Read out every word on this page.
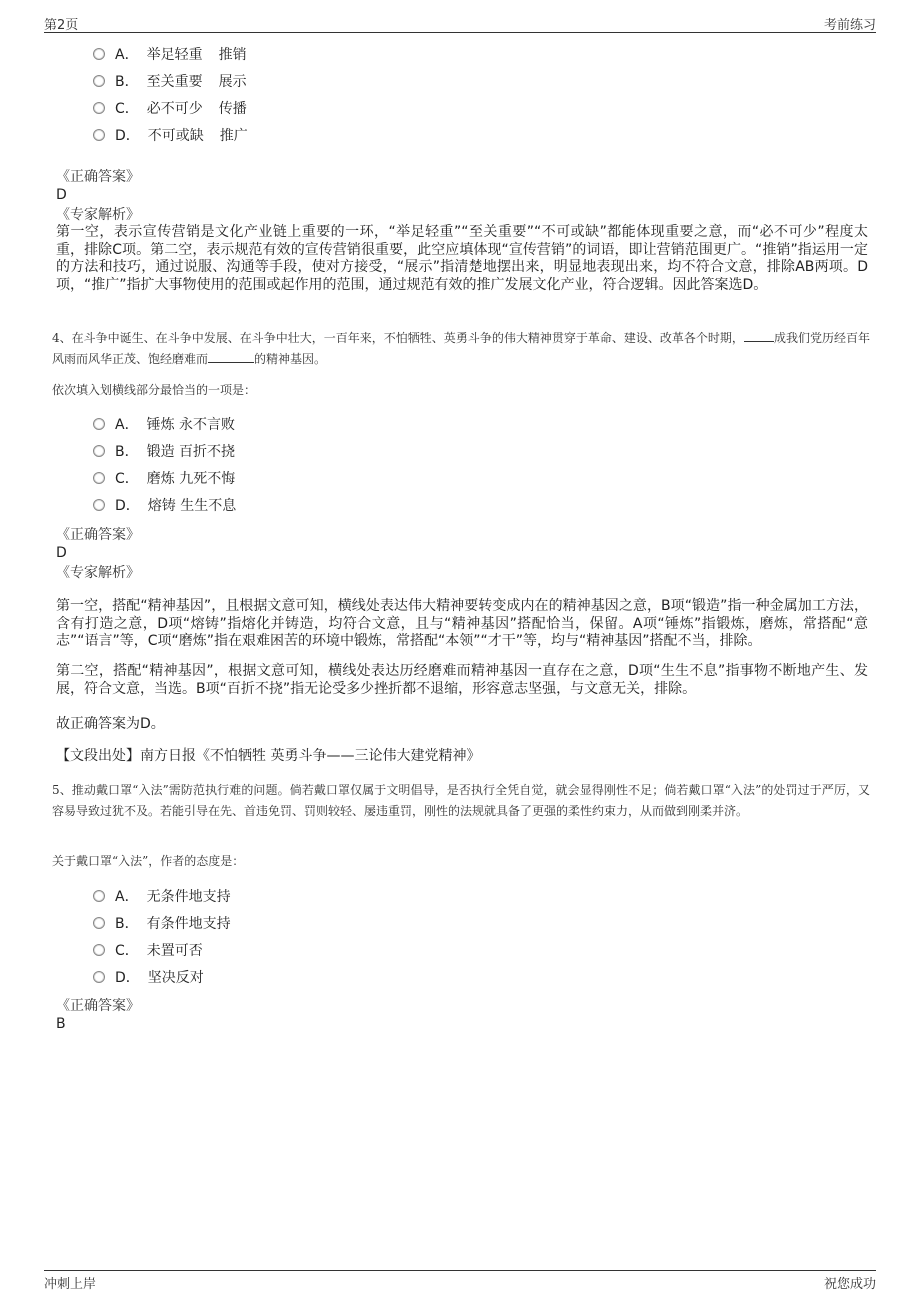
第2页	考前练习
A． 举足轻重 推销
B． 至关重要 展示
C． 必不可少 传播
D． 不可或缺 推广
《正确答案》
D
《专家解析》
第一空，表示宣传营销是文化产业链上重要的一环，“举足轻重”“至关重要”“不可或缺”都能体现重要之意，而“必不可少”程度太重，排除C项。第二空，表示规范有效的宣传营销很重要，此空应填体现“宣传营销”的词语，即让营销范围更广。“推销”指运用一定的方法和技巧，通过说服、沟通等手段，使对方接受，“展示”指清楚地摆出来，明显地表现出来，均不符合文意，排除AB两项。D项，“推广”指扩大事物使用的范围或起作用的范围，通过规范有效的推广发展文化产业，符合逻辑。因此答案选D。
4、在斗争中诞生、在斗争中发展、在斗争中壮大，一百年来，不怕牺牲、英勇斗争的伟大精神贯穿于革命、建设、改革各个时期，	成我们党历经百年风雨而风华正茂、饱经磨难而	的精神基因。
依次填入划横线部分最恰当的一项是：
A． 锤炼 永不言败
B． 锻造 百折不挠
C． 磨炼 九死不悔
D． 熔铸 生生不息
《正确答案》
D
《专家解析》
第一空，搭配“精神基因”，且根据文意可知，横线处表达伟大精神要转变成内在的精神基因之意，B项“锻造”指一种金属加工方法，含有打造之意，D项“熔铸”指熔化并铸造，均符合文意，且与“精神基因”搭配恰当，保留。A项“锤炼”指锻炼，磨炼，常搭配“意志”“语言”等，C项“磨炼”指在艰难困苦的环境中锻炼，常搭配“本领”“才干”等，均与“精神基因”搭配不当，排除。
第二空，搭配“精神基因”，根据文意可知，横线处表达历经磨难而精神基因一直存在之意，D项“生生不息”指事物不断地产生、发展，符合文意，当选。B项“百折不挠”指无论受多少挫折都不退缩，形容意志坚强，与文意无关，排除。
故正确答案为D。
【文段出处】南方日报《不怕牺牲 英勇斗争——三论伟大建党精神》
5、推动戴口罩“入法”需防范执行难的问题。倘若戴口罩仅属于文明倡导，是否执行全凭自觉，就会显得刚性不足；倘若戴口罩“入法”的处罚过于严厉，又容易导致过犹不及。若能引导在先、首违免罚、罚则较轻、屡违重罚，刚性的法规就具备了更强的柔性约束力，从而做到刚柔并济。
关于戴口罩“入法”，作者的态度是：
A． 无条件地支持
B． 有条件地支持
C． 未置可否
D． 坚决反对
《正确答案》
B
冲刺上岸	祝您成功
